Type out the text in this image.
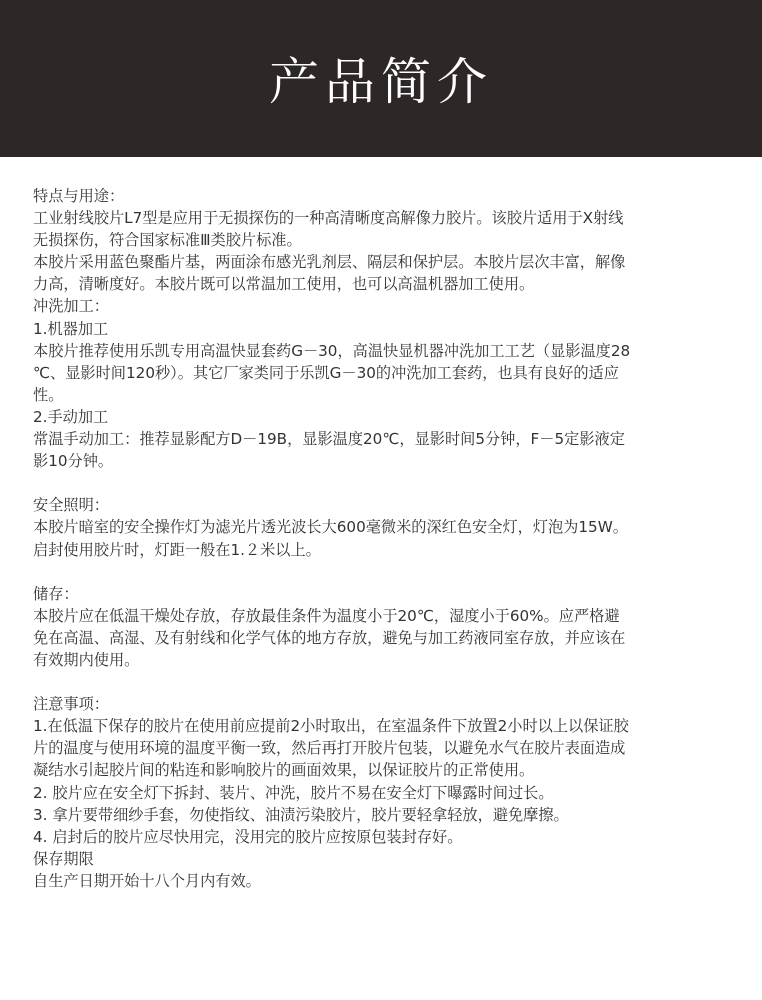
产品简介
特点与用途：
工业射线胶片L7型是应用于无损探伤的一种高清晰度高解像力胶片。该胶片适用于X射线
无损探伤，符合国家标准Ⅲ类胶片标准。
本胶片采用蓝色聚酯片基，两面涂布感光乳剂层、隔层和保护层。本胶片层次丰富，解像
力高，清晰度好。本胶片既可以常温加工使用，也可以高温机器加工使用。
冲洗加工：
1.机器加工
本胶片推荐使用乐凯专用高温快显套药G－30，高温快显机器冲洗加工工艺（显影温度28
℃、显影时间120秒）。其它厂家类同于乐凯G－30的冲洗加工套药，也具有良好的适应
性。
2.手动加工
常温手动加工：推荐显影配方D－19B，显影温度20℃，显影时间5分钟，F－5定影液定
影10分钟。
安全照明：
本胶片暗室的安全操作灯为滤光片透光波长大600毫微米的深红色安全灯，灯泡为15W。
启封使用胶片时，灯距一般在1.２米以上。
储存：
本胶片应在低温干燥处存放，存放最佳条件为温度小于20℃，湿度小于60%。应严格避
免在高温、高湿、及有射线和化学气体的地方存放，避免与加工药液同室存放，并应该在
有效期内使用。
注意事项：
1.在低温下保存的胶片在使用前应提前2小时取出，在室温条件下放置2小时以上以保证胶
片的温度与使用环境的温度平衡一致，然后再打开胶片包装，以避免水气在胶片表面造成
凝结水引起胶片间的粘连和影响胶片的画面效果，以保证胶片的正常使用。
2. 胶片应在安全灯下拆封、装片、冲洗，胶片不易在安全灯下曝露时间过长。
3. 拿片要带细纱手套，勿使指纹、油渍污染胶片，胶片要轻拿轻放，避免摩擦。
4. 启封后的胶片应尽快用完，没用完的胶片应按原包装封存好。
保存期限
自生产日期开始十八个月内有效。
